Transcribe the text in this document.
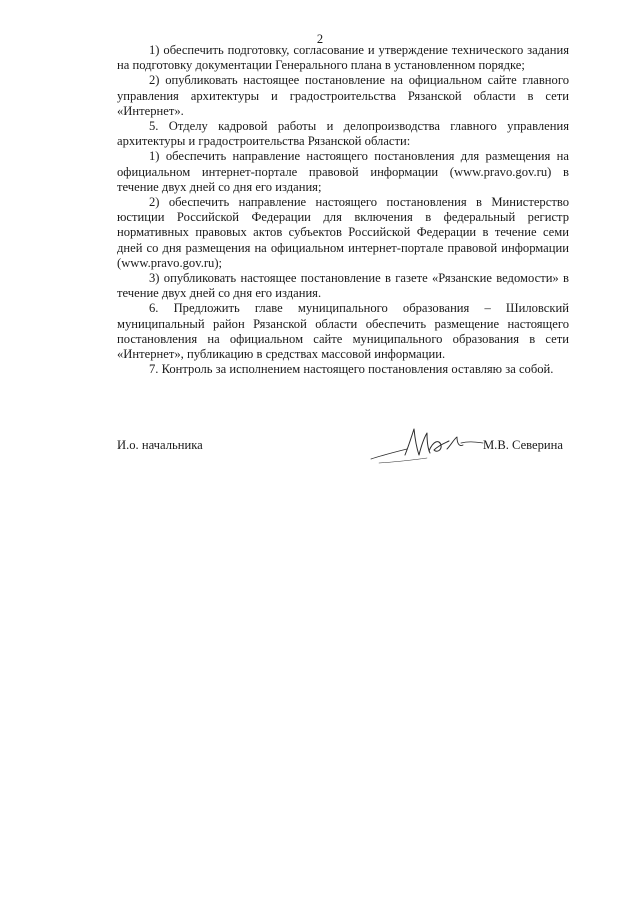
2

1) обеспечить подготовку, согласование и утверждение технического задания на подготовку документации Генерального плана в установленном порядке;

2) опубликовать настоящее постановление на официальном сайте главного управления архитектуры и градостроительства Рязанской области в сети «Интернет».

5. Отделу кадровой работы и делопроизводства главного управления архитектуры и градостроительства Рязанской области:

1) обеспечить направление настоящего постановления для размещения на официальном интернет-портале правовой информации (www.pravo.gov.ru) в течение двух дней со дня его издания;

2) обеспечить направление настоящего постановления в Министерство юстиции Российской Федерации для включения в федеральный регистр нормативных правовых актов субъектов Российской Федерации в течение семи дней со дня размещения на официальном интернет-портале правовой информации (www.pravo.gov.ru);

3) опубликовать настоящее постановление в газете «Рязанские ведомости» в течение двух дней со дня его издания.

6. Предложить главе муниципального образования – Шиловский муниципальный район Рязанской области обеспечить размещение настоящего постановления на официальном сайте муниципального образования в сети «Интернет», публикацию в средствах массовой информации.

7. Контроль за исполнением настоящего постановления оставляю за собой.

И.о. начальника	М.В. Северина
